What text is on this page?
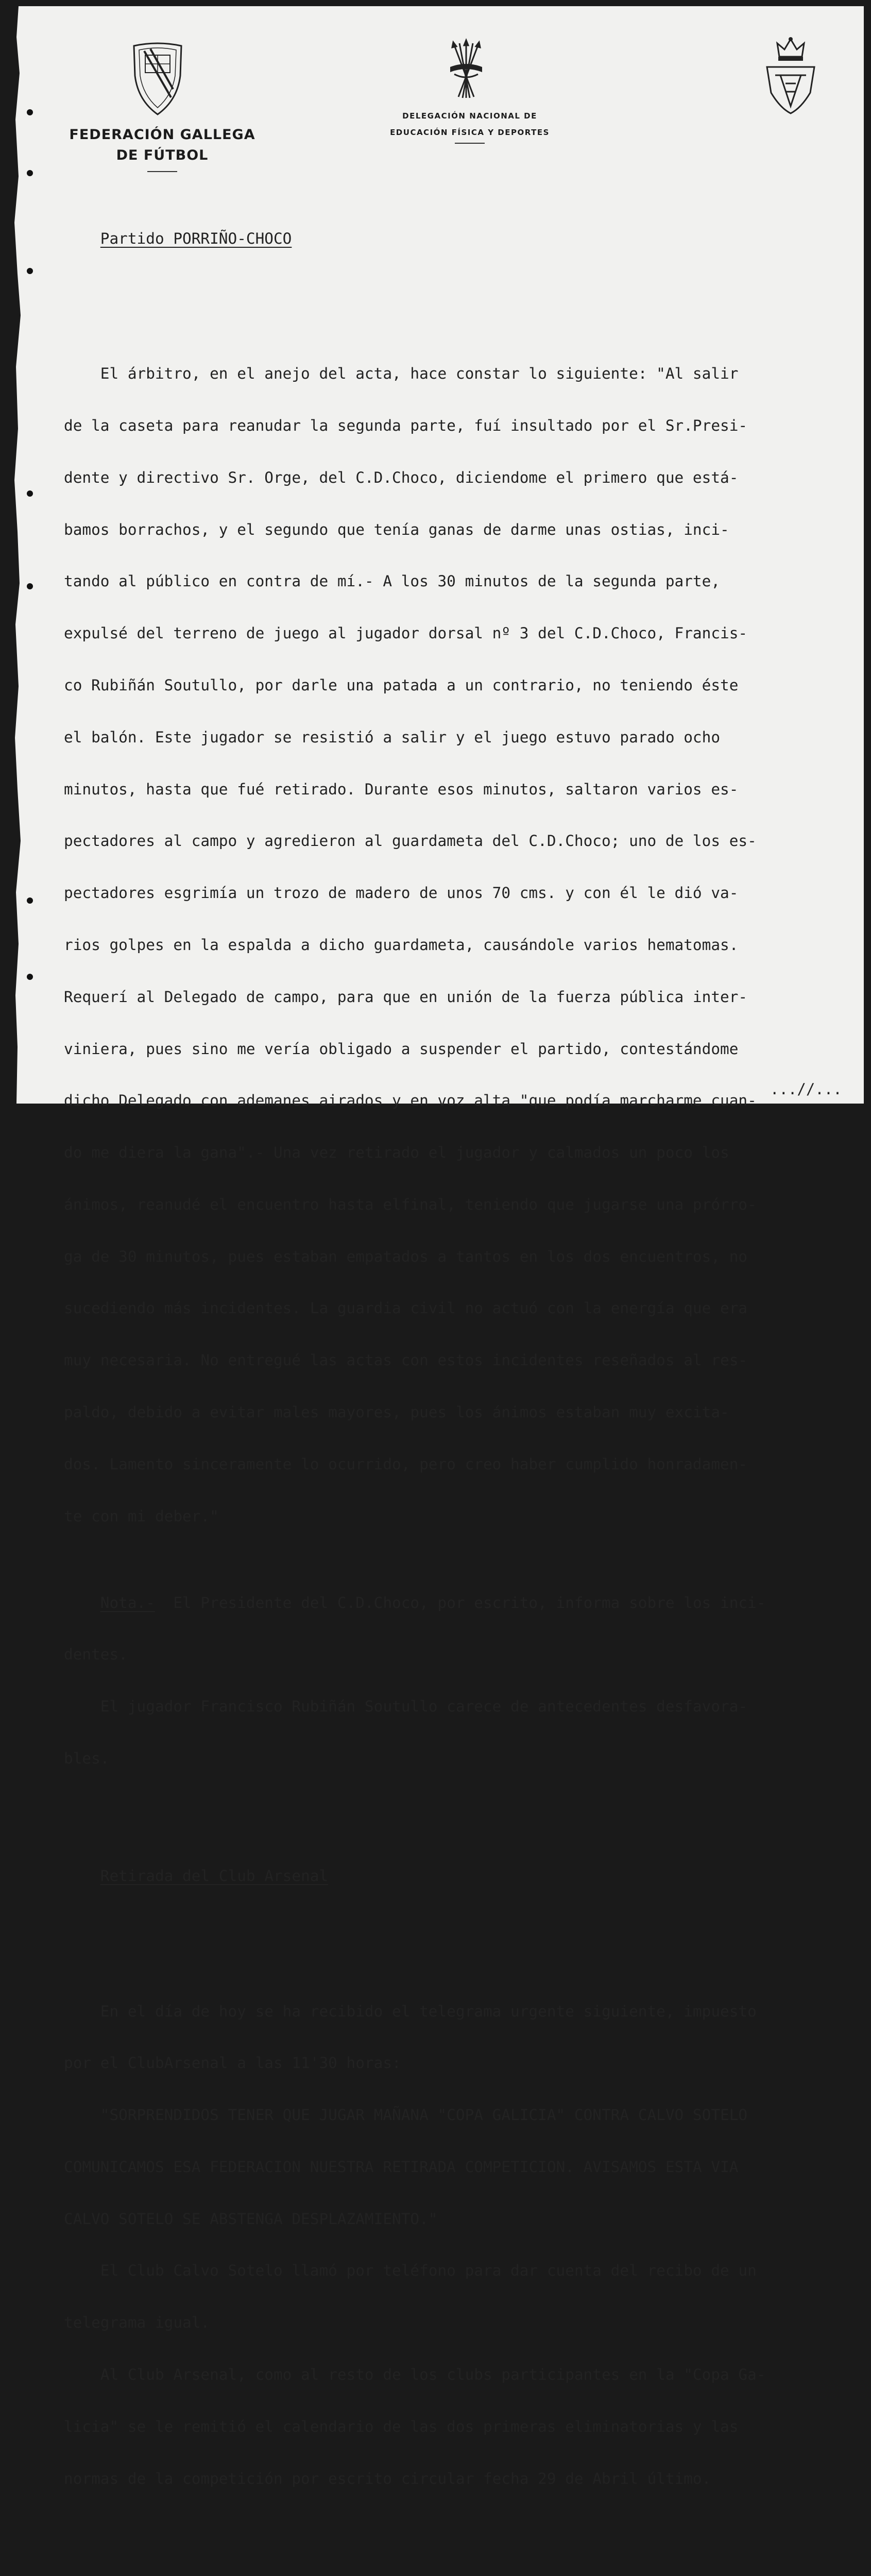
FEDERACIÓN GALLEGA
DE FÚTBOL
DELEGACIÓN NACIONAL DE
EDUCACIÓN FÍSICA Y DEPORTES

Partido PORRIÑO-CHOCO

El árbitro, en el anejo del acta, hace constar lo siguiente: "Al salir

de la caseta para reanudar la segunda parte, fuí insultado por el Sr.Presi-

dente y directivo Sr. Orge, del C.D.Choco, diciendome el primero que está-

bamos borrachos, y el segundo que tenía ganas de darme unas ostias, inci-

tando al público en contra de mí.- A los 30 minutos de la segunda parte,

expulsé del terreno de juego al jugador dorsal nº 3 del C.D.Choco, Francis-

co Rubiñán Soutullo, por darle una patada a un contrario, no teniendo éste

el balón. Este jugador se resistió a salir y el juego estuvo parado ocho

minutos, hasta que fué retirado. Durante esos minutos, saltaron varios es-

pectadores al campo y agredieron al guardameta del C.D.Choco; uno de los es-

pectadores esgrimía un trozo de madero de unos 70 cms. y con él le dió va-

rios golpes en la espalda a dicho guardameta, causándole varios hematomas.

Requerí al Delegado de campo, para que en unión de la fuerza pública inter-

viniera, pues sino me vería obligado a suspender el partido, contestándome

dicho Delegado con ademanes airados y en voz alta "que podía marcharme cuan-

do me diera la gana".- Una vez retirado el jugador y calmados un poco los

ánimos, reanudé el encuentro hasta elfinal, teniendo que jugarse una prórro-

ga de 30 minutos, pues estaban empatados a tantos en los dos encuentros, no

sucediendo más incidentes. La guardia civil no actuó con la energía que era

muy necesaria. No entregué las actas con estos incidentes reseñados al res-

paldo, debido a evitar males mayores, pues los ánimos estaban muy excita-

dos. Lamento sinceramente lo ocurrido, pero creo haber cumplido honradamen-

te con mi deber."

Nota.-  El Presidente del C.D.Choco, por escrito, informa sobre los inci-

dentes.

El jugador Francisco Rubiñán Soutullo carece de antecedentes desfavora-

bles.

Retirada del Club Arsenal

En el día de hoy se ha recibido el telegrama urgente siguiente, impuesto

por el ClubArsenal a las 11'30 horas:

"SORPRENDIDOS TENER QUE JUGAR MAÑANA "COPA GALICIA" CONTRA CALVO SOTELO

COMUNICAMOS ESA FEDERACION NUESTRA RETIRADA COMPETICION. AVISAMOS ESTA VIA

CALVO SOTELO SE ABSTENGA DESPLAZAMIENTO."

El Club Calvo Sotelo llamó por teléfono para dar cuenta del recibo de un

telegrama igual.

Al Club Arsenal, como al resto de los clubs participantes en la "Copa Ga-

licia" se le remitió el calendario de las dos primeras eliminatorias y las

normas de la competición por escrito circular fecha 29 de Abril último.

...//...
